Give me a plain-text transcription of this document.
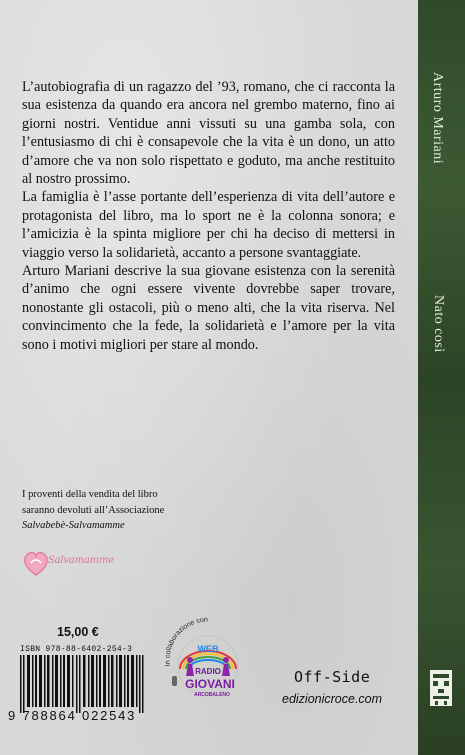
Arturo Mariani
Nato così

L’autobiografia di un ragazzo del ’93, romano, che ci racconta la sua esistenza da quando era ancora nel grembo materno, fino ai giorni nostri. Ventidue anni vissuti su una gamba sola, con l’entusiasmo di chi è consapevole che la vita è un dono, un atto d’amore che va non solo rispettato e goduto, ma anche restituito al nostro prossimo.

La famiglia è l’asse portante dell’esperienza di vita dell’autore e protagonista del libro, ma lo sport ne è la colonna sonora; e l’amicizia è la spinta migliore per chi ha deciso di mettersi in viaggio verso la solidarietà, accanto a persone svantaggiate.

Arturo Mariani descrive la sua giovane esistenza con la serenità d’animo che ogni essere vivente dovrebbe saper trovare, nonostante gli ostacoli, più o meno alti, che la vita riserva. Nel convincimento che la fede, la solidarietà e l’amore per la vita sono i motivi migliori per stare al mondo.

I proventi della vendita del libro
saranno devoluti all’Associazione
Salvabebè-Salvamamme
Salvamamme
15,00 €
ISBN 978-88-6402-254-3
9 788864 022543
In collaborazione con
WEB
RADIO
GIOVANI
ARCOBALENO
Off-Side
edizionicroce.com
